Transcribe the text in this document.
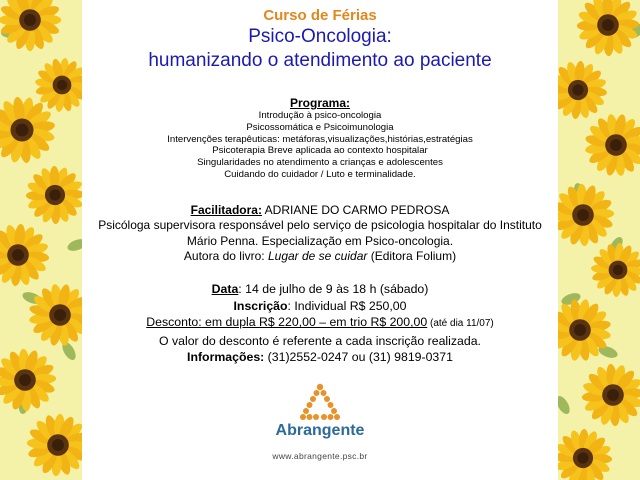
Curso de Férias
Psico-Oncologia:
humanizando o atendimento ao paciente
Programa:
Introdução à psico-oncologia
Psicossomática e Psicoimunologia
Intervenções terapêuticas: metáforas,visualizações,histórias,estratégias
Psicoterapia Breve aplicada ao contexto hospitalar
Singularidades no atendimento a crianças e adolescentes
Cuidando do cuidador / Luto e terminalidade.
Facilitadora: ADRIANE DO CARMO PEDROSA
Psicóloga supervisora responsável pelo serviço de psicologia hospitalar do Instituto Mário Penna. Especialização em Psico-oncologia.
Autora do livro: Lugar de se cuidar (Editora Folium)
Data: 14 de julho de 9 às 18 h (sábado)
Inscrição: Individual R$ 250,00
Desconto: em dupla R$ 220,00 – em trio R$ 200,00 (até dia 11/07)
O valor do desconto é referente a cada inscrição realizada.
Informações: (31)2552-0247 ou (31) 9819-0371
Abrangente
www.abrangente.psc.br
